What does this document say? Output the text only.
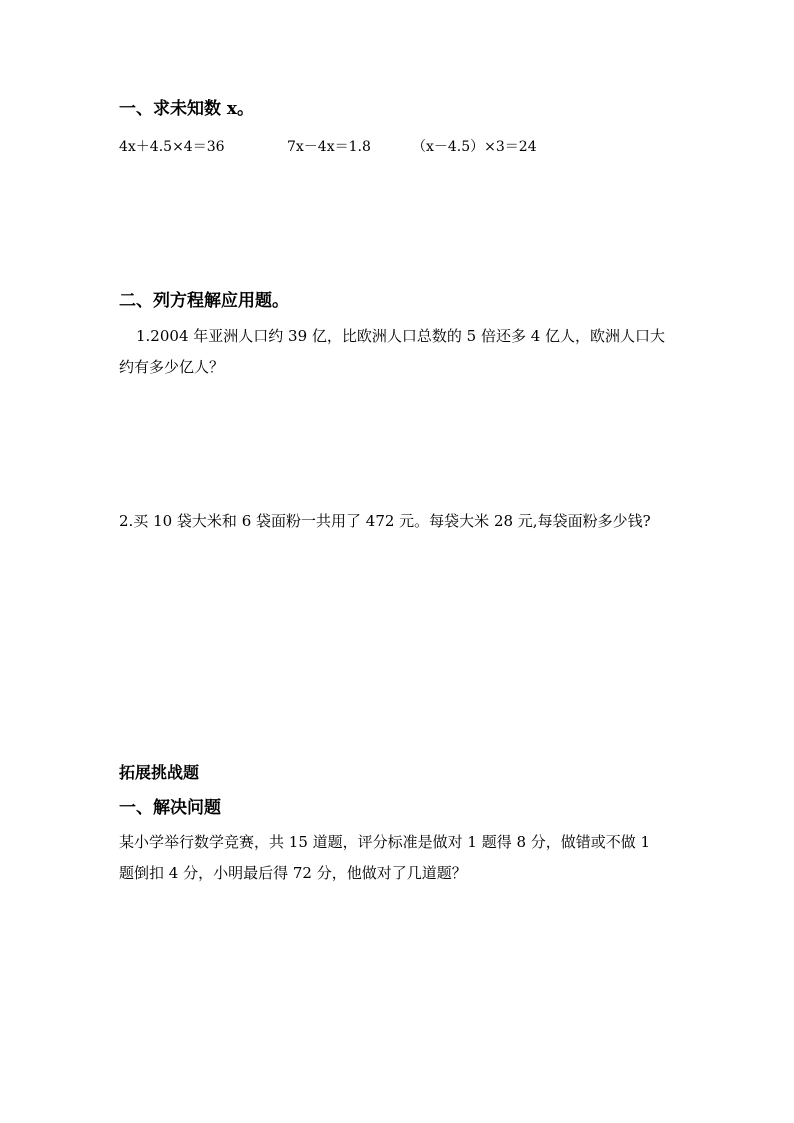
一、求未知数 x。
4x＋4.5×4＝36	7x－4x＝1.8	（x－4.5）×3＝24
二、列方程解应用题。
1.2004 年亚洲人口约 39 亿，比欧洲人口总数的 5 倍还多 4 亿人，欧洲人口大
约有多少亿人？
2.买 10 袋大米和 6 袋面粉一共用了 472 元。每袋大米 28 元,每袋面粉多少钱?
拓展挑战题
一、解决问题
某小学举行数学竞赛，共 15 道题，评分标准是做对 1 题得 8 分，做错或不做 1
题倒扣 4 分，小明最后得 72 分，他做对了几道题？
